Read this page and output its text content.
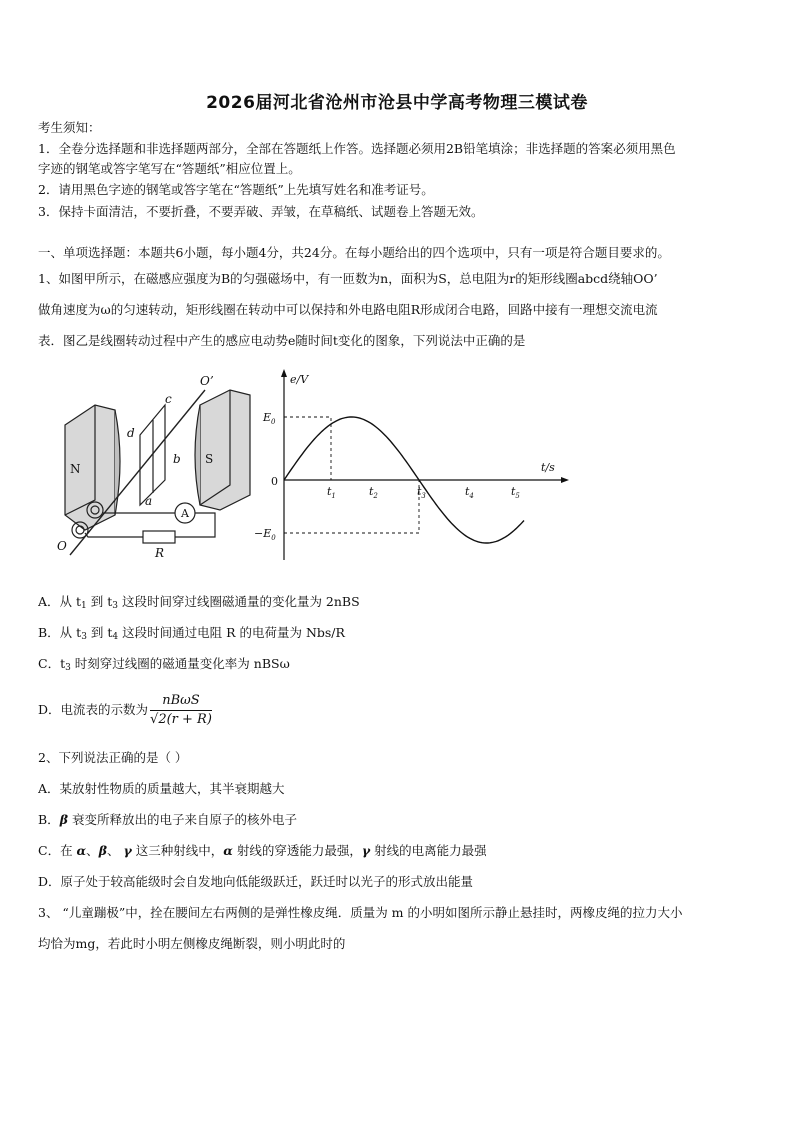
2026届河北省沧州市沧县中学高考物理三模试卷
考生须知：
1．全卷分选择题和非选择题两部分，全部在答题纸上作答。选择题必须用2B铅笔填涂；非选择题的答案必须用黑色
字迹的钢笔或答字笔写在“答题纸”相应位置上。
2．请用黑色字迹的钢笔或答字笔在“答题纸”上先填写姓名和准考证号。
3．保持卡面清洁，不要折叠，不要弄破、弄皱，在草稿纸、试题卷上答题无效。
一、单项选择题：本题共6小题，每小题4分，共24分。在每小题给出的四个选项中，只有一项是符合题目要求的。
1、如图甲所示，在磁感应强度为B的匀强磁场中，有一匝数为n，面积为S，总电阻为r的矩形线圈abcd绕轴OO’
做角速度为ω的匀速转动，矩形线圈在转动中可以保持和外电路电阻R形成闭合电路，回路中接有一理想交流电流
表．图乙是线圈转动过程中产生的感应电动势e随时间t变化的图象，下列说法中正确的是
N
S
a
b
c
d
O
O’
A
R
e/V
t/s
0
$E_0$
$-E_0$
$t_1$	$t_2$	$t_3$	$t_4$	$t_5$
A．从 $t_1$ 到 $t_3$ 这段时间穿过线圈磁通量的变化量为 2nBS
B．从 $t_3$ 到 $t_4$ 这段时间通过电阻 R 的电荷量为 Nbs/R
C．$t_3$ 时刻穿过线圈的磁通量变化率为 nBSω
D．电流表的示数为 $\frac{\text{nBωS}}{√2(r + R)}$
2、下列说法正确的是（ ）
A．某放射性物质的质量越大，其半衰期越大
B．β 衰变所释放出的电子来自原子的核外电子
C．在 α、β、 γ 这三种射线中，α 射线的穿透能力最强，γ 射线的电离能力最强
D．原子处于较高能级时会自发地向低能级跃迁，跃迁时以光子的形式放出能量
3、 “儿童蹦极”中，拴在腰间左右两侧的是弹性橡皮绳．质量为 m 的小明如图所示静止悬挂时，两橡皮绳的拉力大小
均恰为mg，若此时小明左侧橡皮绳断裂，则小明此时的
